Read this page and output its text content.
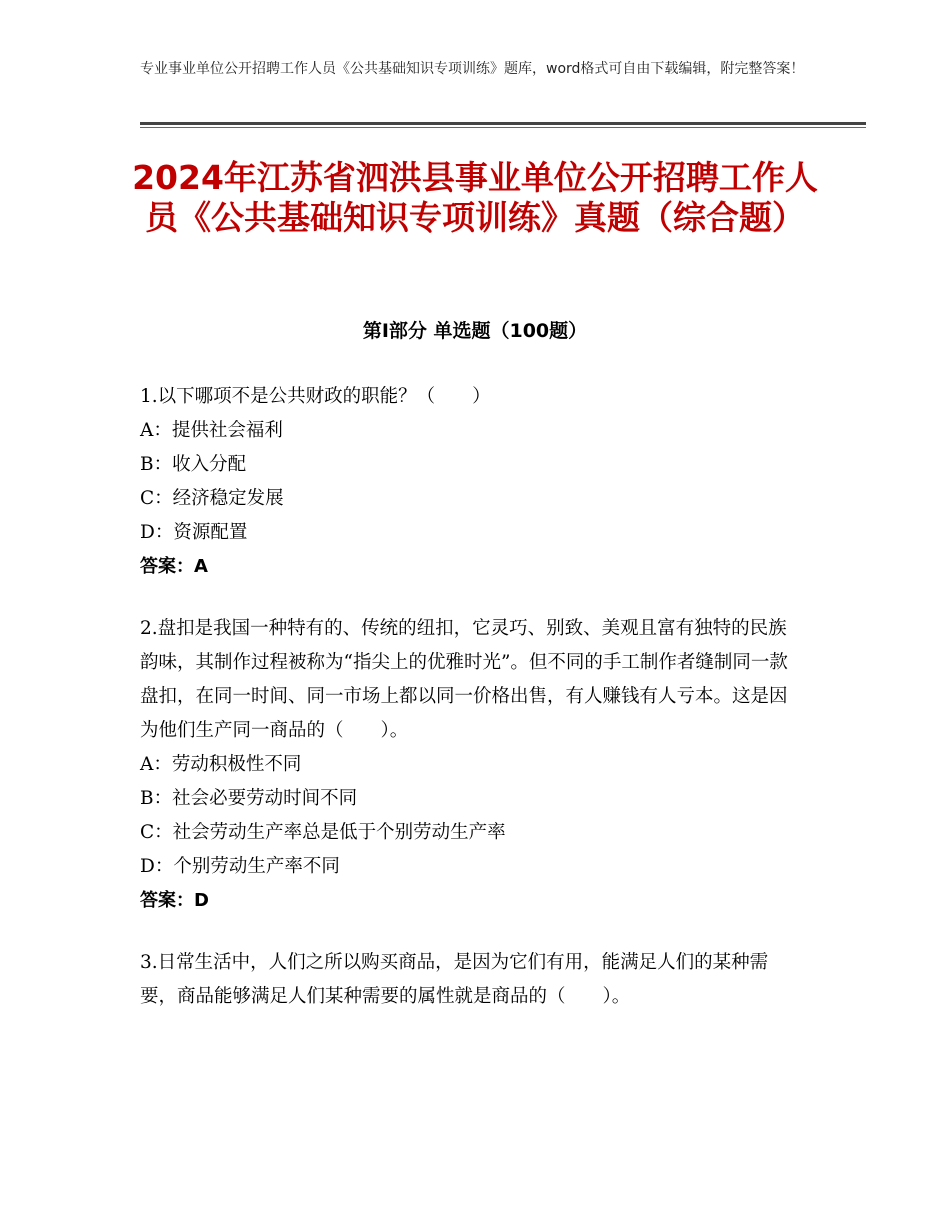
专业事业单位公开招聘工作人员《公共基础知识专项训练》题库，word格式可自由下载编辑，附完整答案！
2024年江苏省泗洪县事业单位公开招聘工作人员《公共基础知识专项训练》真题（综合题）
第Ⅰ部分 单选题（100题）

1.以下哪项不是公共财政的职能？（　　）

A：提供社会福利

B：收入分配

C：经济稳定发展

D：资源配置

答案：A

2.盘扣是我国一种特有的、传统的纽扣，它灵巧、别致、美观且富有独特的民族韵味，其制作过程被称为“指尖上的优雅时光”。但不同的手工制作者缝制同一款盘扣，在同一时间、同一市场上都以同一价格出售，有人赚钱有人亏本。这是因为他们生产同一商品的（　　）。

A：劳动积极性不同

B：社会必要劳动时间不同

C：社会劳动生产率总是低于个别劳动生产率

D：个别劳动生产率不同

答案：D

3.日常生活中，人们之所以购买商品，是因为它们有用，能满足人们的某种需要，商品能够满足人们某种需要的属性就是商品的（　　）。
